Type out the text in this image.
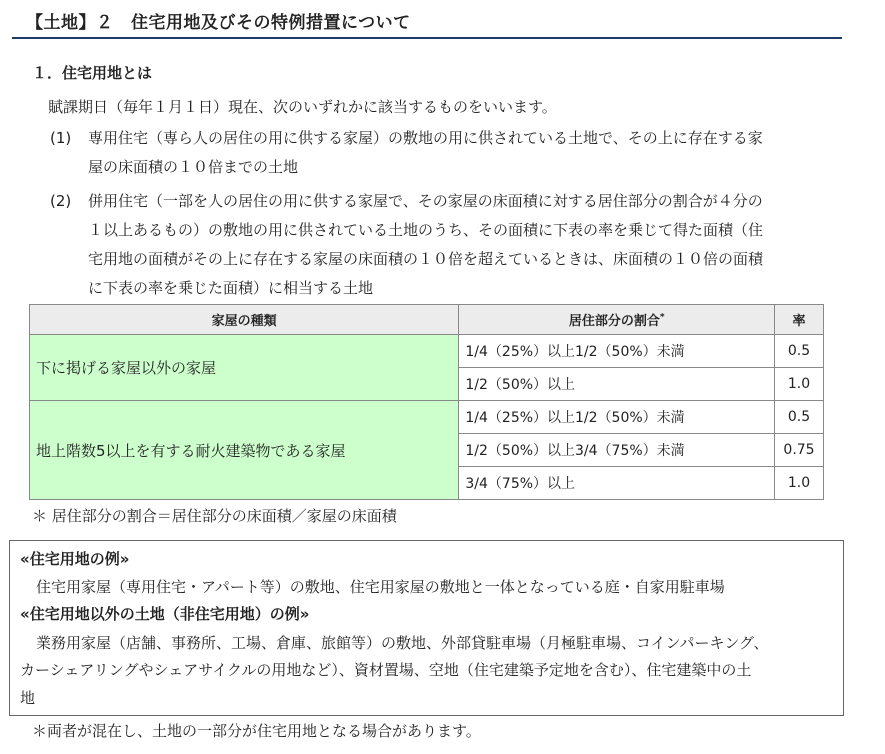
【土地】２　住宅用地及びその特例措置について
１．住宅用地とは
賦課期日（毎年１月１日）現在、次のいずれかに該当するものをいいます。
(1) 専用住宅（専ら人の居住の用に供する家屋）の敷地の用に供されている土地で、その上に存在する家
屋の床面積の１０倍までの土地
(2) 併用住宅（一部を人の居住の用に供する家屋で、その家屋の床面積に対する居住部分の割合が４分の
１以上あるもの）の敷地の用に供されている土地のうち、その面積に下表の率を乗じて得た面積（住
宅用地の面積がその上に存在する家屋の床面積の１０倍を超えているときは、床面積の１０倍の面積
に下表の率を乗じた面積）に相当する土地
家屋の種類	居住部分の割合*	率
下に掲げる家屋以外の家屋	1/4（25%）以上1/2（50%）未満	0.5
	1/2（50%）以上	1.0
地上階数5以上を有する耐火建築物である家屋	1/4（25%）以上1/2（50%）未満	0.5
	1/2（50%）以上3/4（75%）未満	0.75
	3/4（75%）以上	1.0
＊ 居住部分の割合＝居住部分の床面積／家屋の床面積
«住宅用地の例»
住宅用家屋（専用住宅・アパート等）の敷地、住宅用家屋の敷地と一体となっている庭・自家用駐車場
«住宅用地以外の土地（非住宅用地）の例»
業務用家屋（店舗、事務所、工場、倉庫、旅館等）の敷地、外部貸駐車場（月極駐車場、コインパーキング、
カーシェアリングやシェアサイクルの用地など）、資材置場、空地（住宅建築予定地を含む）、住宅建築中の土
地
＊両者が混在し、土地の一部分が住宅用地となる場合があります。
